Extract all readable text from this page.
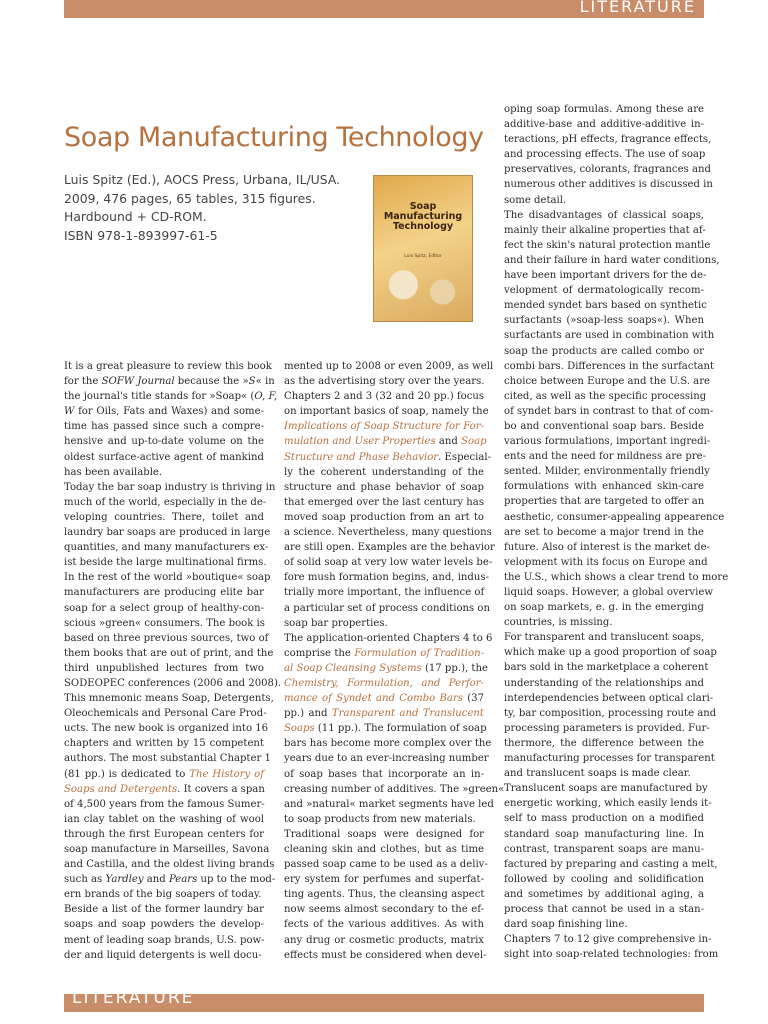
LITERATURE
Soap Manufacturing Technology
Luis Spitz (Ed.), AOCS Press, Urbana, IL/USA.
2009, 476 pages, 65 tables, 315 figures.
Hardbound + CD-ROM.
ISBN 978-1-893997-61-5
Soap Manufacturing Technology
Luis Spitz, Editor
It is a great pleasure to review this book
for the SOFW Journal because the »S« in
the journal's title stands for »Soap« (O, F,
W for Oils, Fats and Waxes) and some-
time has passed since such a compre-
hensive and up-to-date volume on the
oldest surface-active agent of mankind
has been available.
Today the bar soap industry is thriving in
much of the world, especially in the de-
veloping countries. There, toilet and
laundry bar soaps are produced in large
quantities, and many manufacturers ex-
ist beside the large multinational firms.
In the rest of the world »boutique« soap
manufacturers are producing elite bar
soap for a select group of healthy-con-
scious »green« consumers. The book is
based on three previous sources, two of
them books that are out of print, and the
third unpublished lectures from two
SODEOPEC conferences (2006 and 2008).
This mnemonic means Soap, Detergents,
Oleochemicals and Personal Care Prod-
ucts. The new book is organized into 16
chapters and written by 15 competent
authors. The most substantial Chapter 1
(81 pp.) is dedicated to The History of
Soaps and Detergents. It covers a span
of 4,500 years from the famous Sumer-
ian clay tablet on the washing of wool
through the first European centers for
soap manufacture in Marseilles, Savona
and Castilla, and the oldest living brands
such as Yardley and Pears up to the mod-
ern brands of the big soapers of today.
Beside a list of the former laundry bar
soaps and soap powders the develop-
ment of leading soap brands, U.S. pow-
der and liquid detergents is well docu-
mented up to 2008 or even 2009, as well
as the advertising story over the years.
Chapters 2 and 3 (32 and 20 pp.) focus
on important basics of soap, namely the
Implications of Soap Structure for For-
mulation and User Properties and Soap
Structure and Phase Behavior. Especial-
ly the coherent understanding of the
structure and phase behavior of soap
that emerged over the last century has
moved soap production from an art to
a science. Nevertheless, many questions
are still open. Examples are the behavior
of solid soap at very low water levels be-
fore mush formation begins, and, indus-
trially more important, the influence of
a particular set of process conditions on
soap bar properties.
The application-oriented Chapters 4 to 6
comprise the Formulation of Tradition-
al Soap Cleansing Systems (17 pp.), the
Chemistry, Formulation, and Perfor-
mance of Syndet and Combo Bars (37
pp.) and Transparent and Translucent
Soaps (11 pp.). The formulation of soap
bars has become more complex over the
years due to an ever-increasing number
of soap bases that incorporate an in-
creasing number of additives. The »green«
and »natural« market segments have led
to soap products from new materials.
Traditional soaps were designed for
cleaning skin and clothes, but as time
passed soap came to be used as a deliv-
ery system for perfumes and superfat-
ting agents. Thus, the cleansing aspect
now seems almost secondary to the ef-
fects of the various additives. As with
any drug or cosmetic products, matrix
effects must be considered when devel-
oping soap formulas. Among these are
additive-base and additive-additive in-
teractions, pH effects, fragrance effects,
and processing effects. The use of soap
preservatives, colorants, fragrances and
numerous other additives is discussed in
some detail.
The disadvantages of classical soaps,
mainly their alkaline properties that af-
fect the skin's natural protection mantle
and their failure in hard water conditions,
have been important drivers for the de-
velopment of dermatologically recom-
mended syndet bars based on synthetic
surfactants (»soap-less soaps«). When
surfactants are used in combination with
soap the products are called combo or
combi bars. Differences in the surfactant
choice between Europe and the U.S. are
cited, as well as the specific processing
of syndet bars in contrast to that of com-
bo and conventional soap bars. Beside
various formulations, important ingredi-
ents and the need for mildness are pre-
sented. Milder, environmentally friendly
formulations with enhanced skin-care
properties that are targeted to offer an
aesthetic, consumer-appealing appearence
are set to become a major trend in the
future. Also of interest is the market de-
velopment with its focus on Europe and
the U.S., which shows a clear trend to more
liquid soaps. However, a global overview
on soap markets, e. g. in the emerging
countries, is missing.
For transparent and translucent soaps,
which make up a good proportion of soap
bars sold in the marketplace a coherent
understanding of the relationships and
interdependencies between optical clari-
ty, bar composition, processing route and
processing parameters is provided. Fur-
thermore, the difference between the
manufacturing processes for transparent
and translucent soaps is made clear.
Translucent soaps are manufactured by
energetic working, which easily lends it-
self to mass production on a modified
standard soap manufacturing line. In
contrast, transparent soaps are manu-
factured by preparing and casting a melt,
followed by cooling and solidification
and sometimes by additional aging, a
process that cannot be used in a stan-
dard soap finishing line.
Chapters 7 to 12 give comprehensive in-
sight into soap-related technologies: from
LITERATURE
